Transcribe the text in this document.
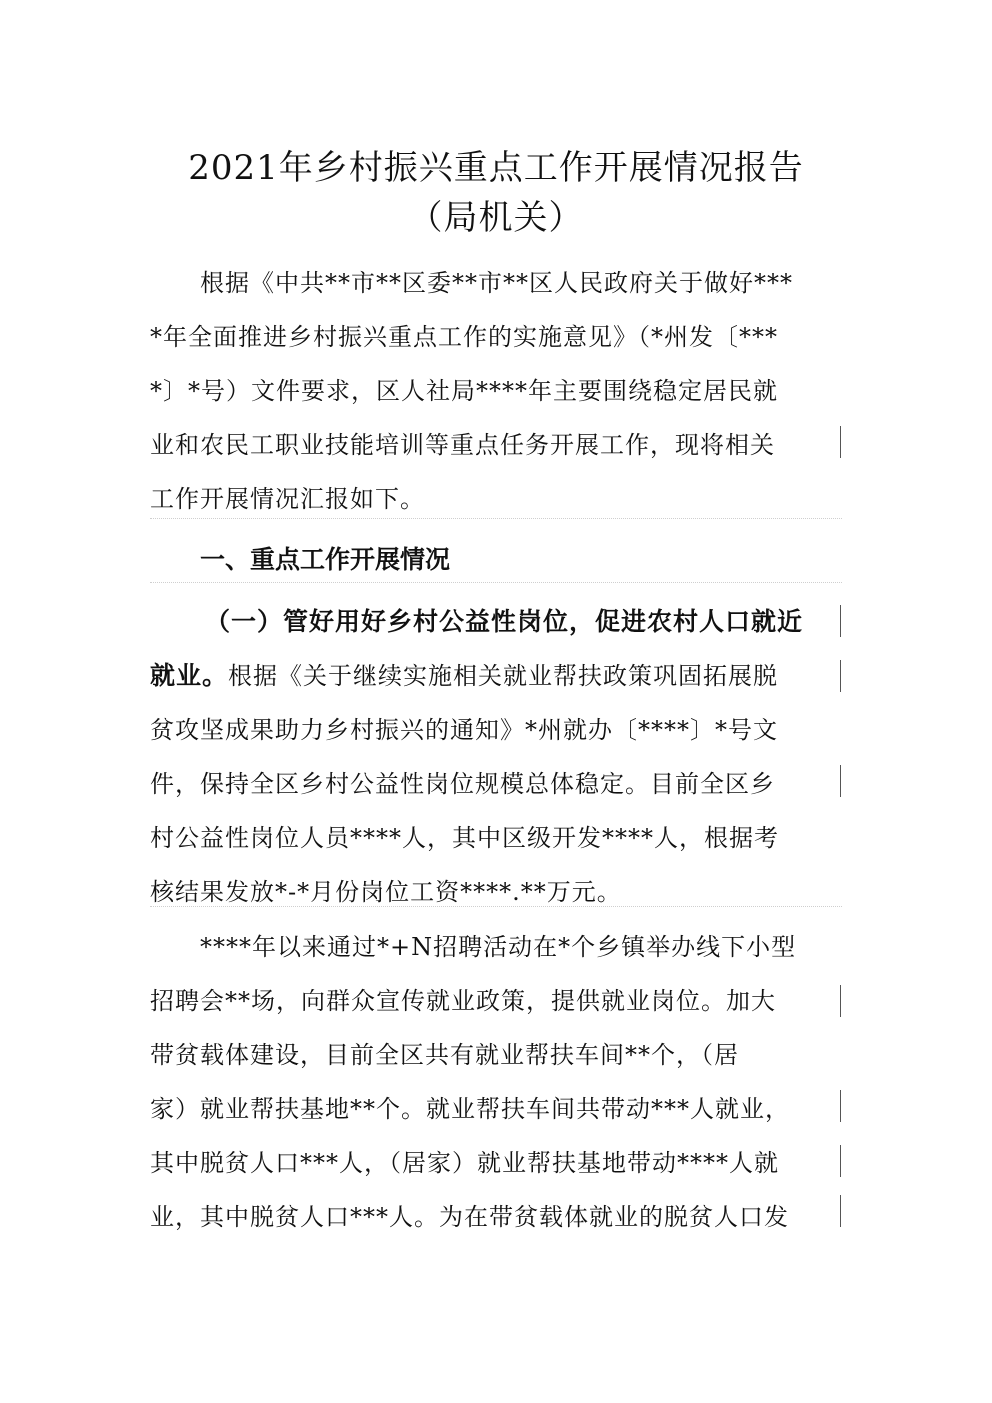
2021年乡村振兴重点工作开展情况报告
（局机关）
根据《中共**市**区委**市**区人民政府关于做好***
*年全面推进乡村振兴重点工作的实施意见》（*州发〔***
*〕*号）文件要求，区人社局****年主要围绕稳定居民就
业和农民工职业技能培训等重点任务开展工作，现将相关
工作开展情况汇报如下。
一、重点工作开展情况
（一）管好用好乡村公益性岗位，促进农村人口就近
就业。根据《关于继续实施相关就业帮扶政策巩固拓展脱
贫攻坚成果助力乡村振兴的通知》*州就办〔****〕*号文
件，保持全区乡村公益性岗位规模总体稳定。目前全区乡
村公益性岗位人员****人，其中区级开发****人，根据考
核结果发放*-*月份岗位工资****.**万元。
****年以来通过*+N招聘活动在*个乡镇举办线下小型
招聘会**场，向群众宣传就业政策，提供就业岗位。加大
带贫载体建设，目前全区共有就业帮扶车间**个，（居
家）就业帮扶基地**个。就业帮扶车间共带动***人就业，
其中脱贫人口***人，（居家）就业帮扶基地带动****人就
业，其中脱贫人口***人。为在带贫载体就业的脱贫人口发
